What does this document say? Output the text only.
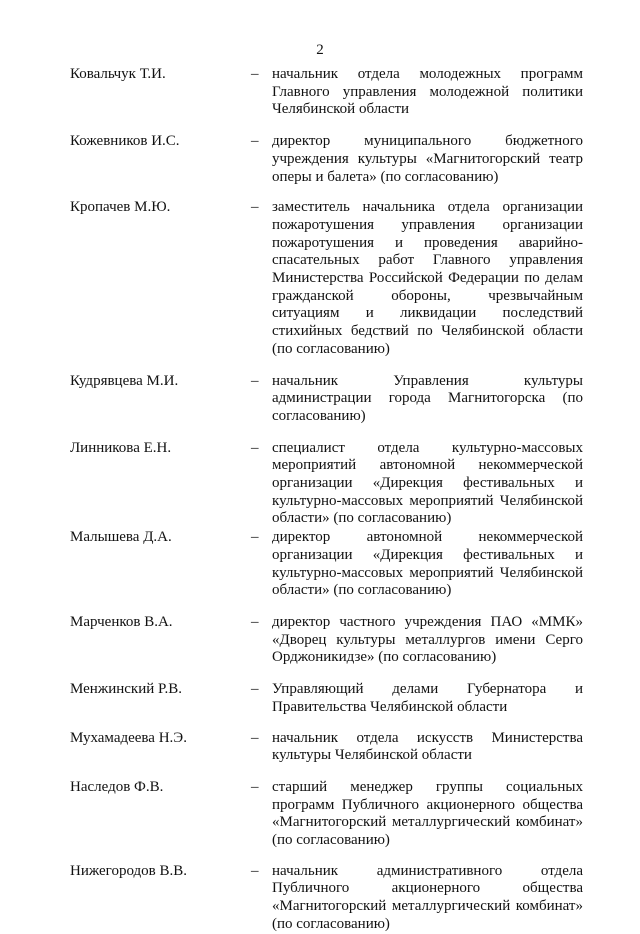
2
Ковальчук Т.И.	– начальник отдела молодежных программ Главного управления молодежной политики Челябинской области
Кожевников И.С.	– директор муниципального бюджетного учреждения культуры «Магнитогорский театр оперы и балета» (по согласованию)
Кропачев М.Ю.	– заместитель начальника отдела организации пожаротушения управления организации пожаротушения и проведения аварийно-спасательных работ Главного управления Министерства Российской Федерации по делам гражданской обороны, чрезвычайным ситуациям и ликвидации последствий стихийных бедствий по Челябинской области (по согласованию)
Кудрявцева М.И.	– начальник Управления культуры администрации города Магнитогорска (по согласованию)
Линникова Е.Н.	– специалист отдела культурно-массовых мероприятий автономной некоммерческой организации «Дирекция фестивальных и культурно-массовых мероприятий Челябинской области» (по согласованию)
Малышева Д.А.	– директор автономной некоммерческой организации «Дирекция фестивальных и культурно-массовых мероприятий Челябинской области» (по согласованию)
Марченков В.А.	– директор частного учреждения ПАО «ММК» «Дворец культуры металлургов имени Серго Орджоникидзе» (по согласованию)
Менжинский Р.В.	– Управляющий делами Губернатора и Правительства Челябинской области
Мухамадеева Н.Э.	– начальник отдела искусств Министерства культуры Челябинской области
Наследов Ф.В.	– старший менеджер группы социальных программ Публичного акционерного общества «Магнитогорский металлургический комбинат» (по согласованию)
Нижегородов В.В.	– начальник административного отдела Публичного акционерного общества «Магнитогорский металлургический комбинат» (по согласованию)
